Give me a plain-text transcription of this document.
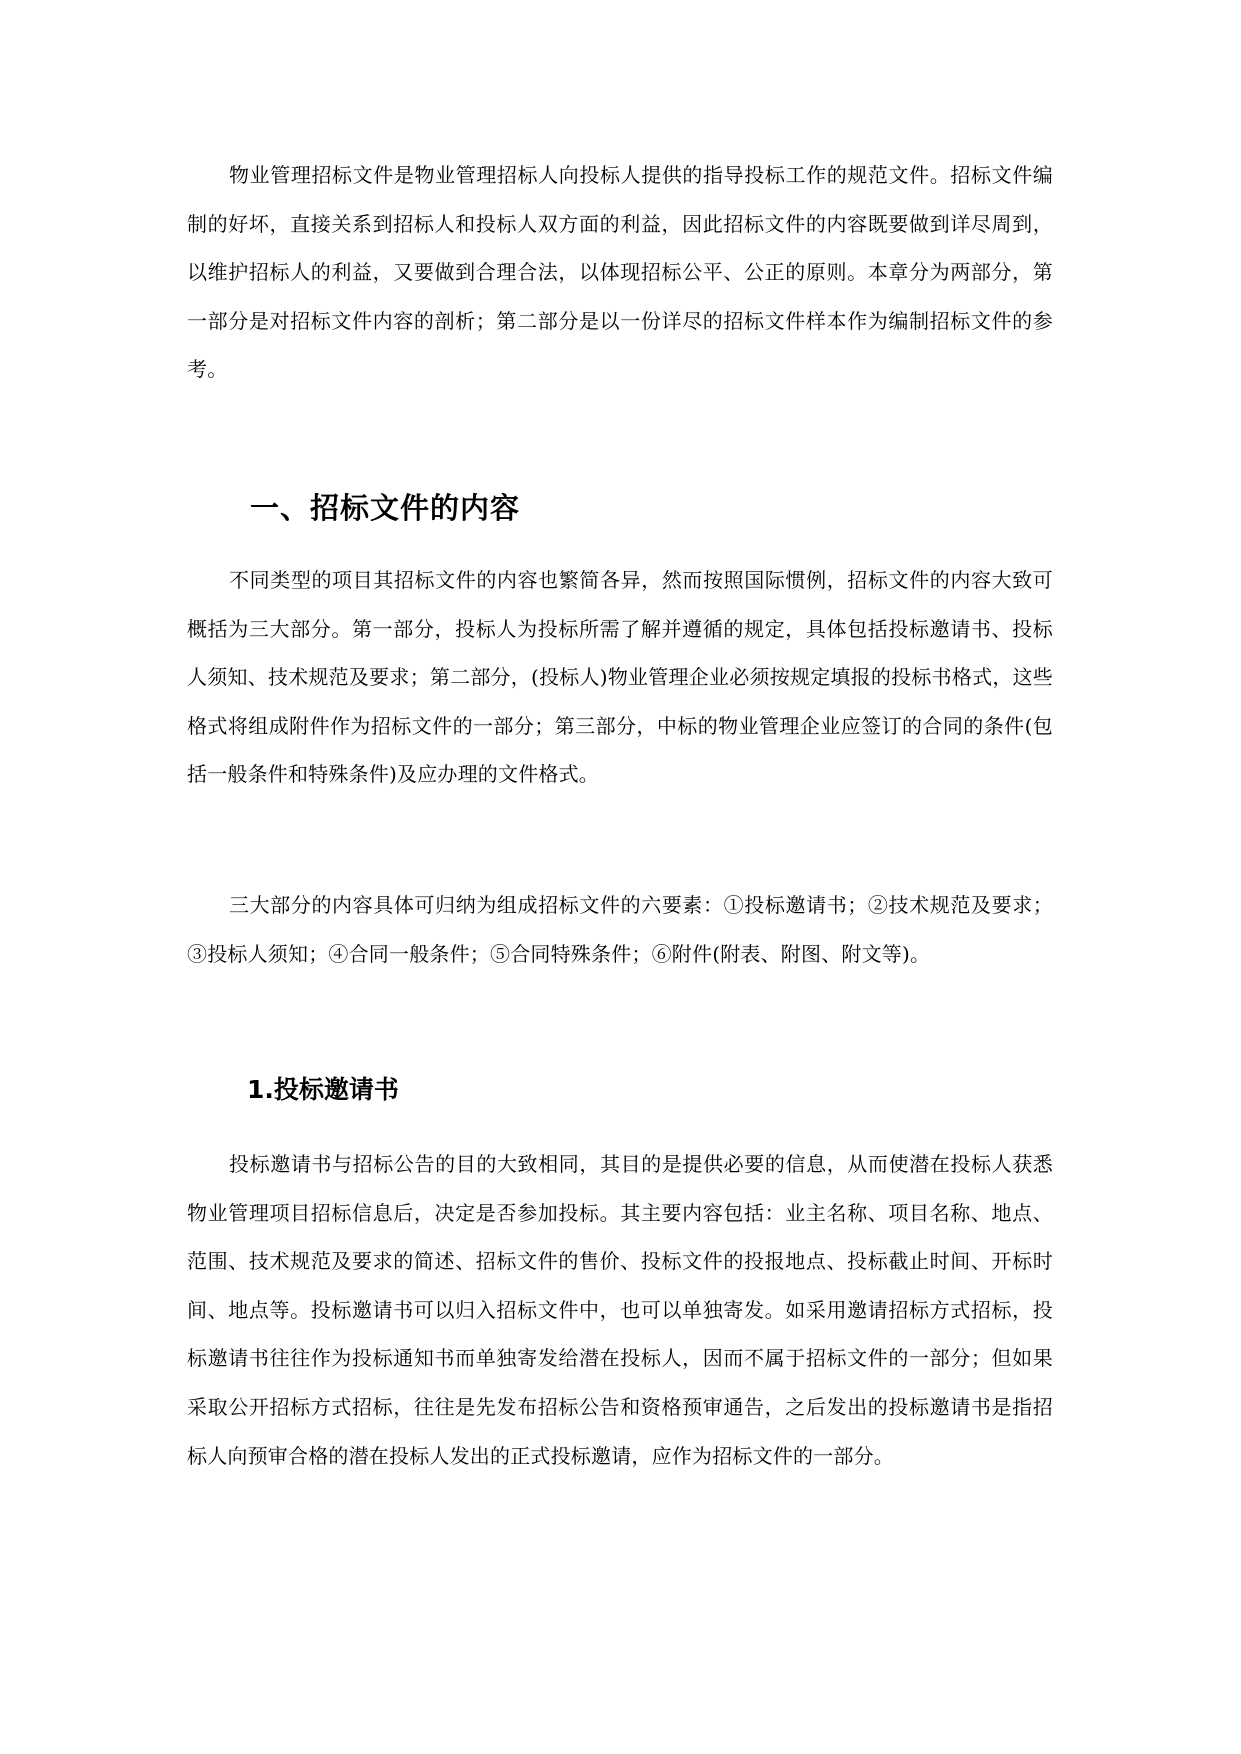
物业管理招标文件是物业管理招标人向投标人提供的指导投标工作的规范文件。招标文件编制的好坏，直接关系到招标人和投标人双方面的利益，因此招标文件的内容既要做到详尽周到，以维护招标人的利益，又要做到合理合法，以体现招标公平、公正的原则。本章分为两部分，第一部分是对招标文件内容的剖析；第二部分是以一份详尽的招标文件样本作为编制招标文件的参考。

一、招标文件的内容

不同类型的项目其招标文件的内容也繁简各异，然而按照国际惯例，招标文件的内容大致可概括为三大部分。第一部分，投标人为投标所需了解并遵循的规定，具体包括投标邀请书、投标人须知、技术规范及要求；第二部分，(投标人)物业管理企业必须按规定填报的投标书格式，这些格式将组成附件作为招标文件的一部分；第三部分，中标的物业管理企业应签订的合同的条件(包括一般条件和特殊条件)及应办理的文件格式。

三大部分的内容具体可归纳为组成招标文件的六要素：①投标邀请书；②技术规范及要求；③投标人须知；④合同一般条件；⑤合同特殊条件；⑥附件(附表、附图、附文等)。

1.投标邀请书

投标邀请书与招标公告的目的大致相同，其目的是提供必要的信息，从而使潜在投标人获悉物业管理项目招标信息后，决定是否参加投标。其主要内容包括：业主名称、项目名称、地点、范围、技术规范及要求的简述、招标文件的售价、投标文件的投报地点、投标截止时间、开标时间、地点等。投标邀请书可以归入招标文件中，也可以单独寄发。如采用邀请招标方式招标，投标邀请书往往作为投标通知书而单独寄发给潜在投标人，因而不属于招标文件的一部分；但如果采取公开招标方式招标，往往是先发布招标公告和资格预审通告，之后发出的投标邀请书是指招标人向预审合格的潜在投标人发出的正式投标邀请，应作为招标文件的一部分。
